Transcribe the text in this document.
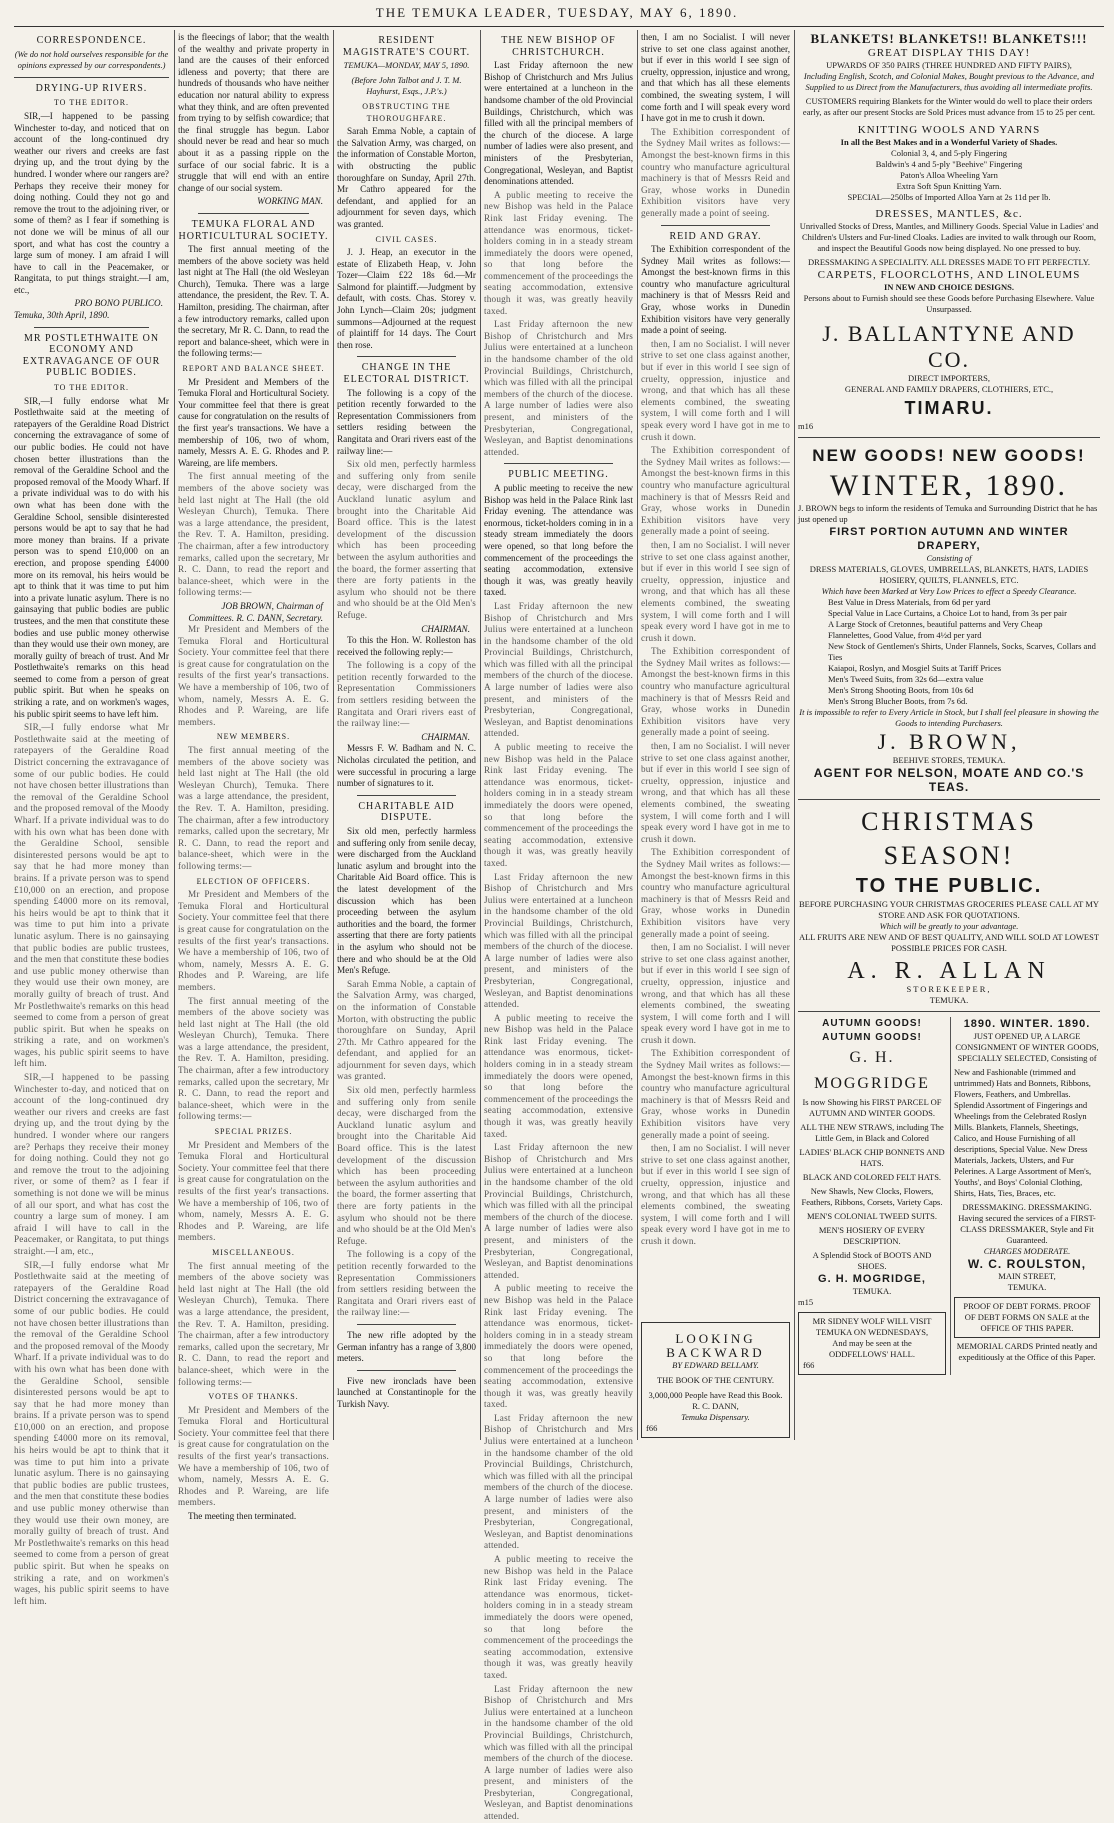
THE TEMUKA LEADER, TUESDAY, MAY 6, 1890.
CORRESPONDENCE.
(We do not hold ourselves responsible for the opinions expressed by our correspondents.)
DRYING-UP RIVERS.
TO THE EDITOR.

SIR,—I happened to be passing Winchester to-day, and noticed that on account of the long-continued dry weather our rivers and creeks are fast drying up, and the trout dying by the hundred. I wonder where our rangers are? Perhaps they receive their money for doing nothing. Could they not go and remove the trout to the adjoining river, or some of them? as I fear if something is not done we will be minus of all our sport, and what has cost the country a large sum of money. I am afraid I will have to call in the Peacemaker, or Rangitata, to put things straight.—I am, etc.,

PRO BONO PUBLICO.
Temuka, 30th April, 1890.
MR POSTLETHWAITE ON ECONOMY AND EXTRAVAGANCE OF OUR PUBLIC BODIES.
TO THE EDITOR.

SIR,—I fully endorse what Mr Postlethwaite said at the meeting of ratepayers of the Geraldine Road District concerning the extravagance of some of our public bodies. He could not have chosen better illustrations than the removal of the Geraldine School and the proposed removal of the Moody Wharf. If a private individual was to do with his own what has been done with the Geraldine School, sensible disinterested persons would be apt to say that he had more money than brains. If a private person was to spend £10,000 on an erection, and propose spending £4000 more on its removal, his heirs would be apt to think that it was time to put him into a private lunatic asylum. There is no gainsaying that public bodies are public trustees, and the men that constitute these bodies and use public money otherwise than they would use their own money, are morally guilty of breach of trust. And Mr Postlethwaite's remarks on this head seemed to come from a person of great public spirit. But when he speaks on striking a rate, and on workmen's wages, his public spirit seems to have left him.

SIR,—I fully endorse what Mr Postlethwaite said at the meeting of ratepayers of the Geraldine Road District concerning the extravagance of some of our public bodies. He could not have chosen better illustrations than the removal of the Geraldine School and the proposed removal of the Moody Wharf. If a private individual was to do with his own what has been done with the Geraldine School, sensible disinterested persons would be apt to say that he had more money than brains. If a private person was to spend £10,000 on an erection, and propose spending £4000 more on its removal, his heirs would be apt to think that it was time to put him into a private lunatic asylum. There is no gainsaying that public bodies are public trustees, and the men that constitute these bodies and use public money otherwise than they would use their own money, are morally guilty of breach of trust. And Mr Postlethwaite's remarks on this head seemed to come from a person of great public spirit. But when he speaks on striking a rate, and on workmen's wages, his public spirit seems to have left him.

SIR,—I happened to be passing Winchester to-day, and noticed that on account of the long-continued dry weather our rivers and creeks are fast drying up, and the trout dying by the hundred. I wonder where our rangers are? Perhaps they receive their money for doing nothing. Could they not go and remove the trout to the adjoining river, or some of them? as I fear if something is not done we will be minus of all our sport, and what has cost the country a large sum of money. I am afraid I will have to call in the Peacemaker, or Rangitata, to put things straight.—I am, etc.,

SIR,—I fully endorse what Mr Postlethwaite said at the meeting of ratepayers of the Geraldine Road District concerning the extravagance of some of our public bodies. He could not have chosen better illustrations than the removal of the Geraldine School and the proposed removal of the Moody Wharf. If a private individual was to do with his own what has been done with the Geraldine School, sensible disinterested persons would be apt to say that he had more money than brains. If a private person was to spend £10,000 on an erection, and propose spending £4000 more on its removal, his heirs would be apt to think that it was time to put him into a private lunatic asylum. There is no gainsaying that public bodies are public trustees, and the men that constitute these bodies and use public money otherwise than they would use their own money, are morally guilty of breach of trust. And Mr Postlethwaite's remarks on this head seemed to come from a person of great public spirit. But when he speaks on striking a rate, and on workmen's wages, his public spirit seems to have left him.

is the fleecings of labor; that the wealth of the wealthy and private property in land are the causes of their enforced idleness and poverty; that there are hundreds of thousands who have neither education nor natural ability to express what they think, and are often prevented from trying to by selfish cowardice; that the final struggle has begun. Labor should never be read and hear so much about it as a passing ripple on the surface of our social fabric. It is a struggle that will end with an entire change of our social system.

WORKING MAN.
TEMUKA FLORAL AND HORTICULTURAL SOCIETY.

The first annual meeting of the members of the above society was held last night at The Hall (the old Wesleyan Church), Temuka. There was a large attendance, the president, the Rev. T. A. Hamilton, presiding. The chairman, after a few introductory remarks, called upon the secretary, Mr R. C. Dann, to read the report and balance-sheet, which were in the following terms:—

REPORT AND BALANCE SHEET.

Mr President and Members of the Temuka Floral and Horticultural Society. Your committee feel that there is great cause for congratulation on the results of the first year's transactions. We have a membership of 106, two of whom, namely, Messrs A. E. G. Rhodes and P. Wareing, are life members.

The first annual meeting of the members of the above society was held last night at The Hall (the old Wesleyan Church), Temuka. There was a large attendance, the president, the Rev. T. A. Hamilton, presiding. The chairman, after a few introductory remarks, called upon the secretary, Mr R. C. Dann, to read the report and balance-sheet, which were in the following terms:—

JOB BROWN, Chairman of Committees. R. C. DANN, Secretary.

Mr President and Members of the Temuka Floral and Horticultural Society. Your committee feel that there is great cause for congratulation on the results of the first year's transactions. We have a membership of 106, two of whom, namely, Messrs A. E. G. Rhodes and P. Wareing, are life members.

NEW MEMBERS.

The first annual meeting of the members of the above society was held last night at The Hall (the old Wesleyan Church), Temuka. There was a large attendance, the president, the Rev. T. A. Hamilton, presiding. The chairman, after a few introductory remarks, called upon the secretary, Mr R. C. Dann, to read the report and balance-sheet, which were in the following terms:—

ELECTION OF OFFICERS.

Mr President and Members of the Temuka Floral and Horticultural Society. Your committee feel that there is great cause for congratulation on the results of the first year's transactions. We have a membership of 106, two of whom, namely, Messrs A. E. G. Rhodes and P. Wareing, are life members.

The first annual meeting of the members of the above society was held last night at The Hall (the old Wesleyan Church), Temuka. There was a large attendance, the president, the Rev. T. A. Hamilton, presiding. The chairman, after a few introductory remarks, called upon the secretary, Mr R. C. Dann, to read the report and balance-sheet, which were in the following terms:—

SPECIAL PRIZES.

Mr President and Members of the Temuka Floral and Horticultural Society. Your committee feel that there is great cause for congratulation on the results of the first year's transactions. We have a membership of 106, two of whom, namely, Messrs A. E. G. Rhodes and P. Wareing, are life members.

MISCELLANEOUS.

The first annual meeting of the members of the above society was held last night at The Hall (the old Wesleyan Church), Temuka. There was a large attendance, the president, the Rev. T. A. Hamilton, presiding. The chairman, after a few introductory remarks, called upon the secretary, Mr R. C. Dann, to read the report and balance-sheet, which were in the following terms:—

VOTES OF THANKS.

Mr President and Members of the Temuka Floral and Horticultural Society. Your committee feel that there is great cause for congratulation on the results of the first year's transactions. We have a membership of 106, two of whom, namely, Messrs A. E. G. Rhodes and P. Wareing, are life members.

The meeting then terminated.

RESIDENT MAGISTRATE'S COURT.
TEMUKA—MONDAY, MAY 5, 1890.
(Before John Talbot and J. T. M. Hayhurst, Esqs., J.P.'s.)
OBSTRUCTING THE THOROUGHFARE.

Sarah Emma Noble, a captain of the Salvation Army, was charged, on the information of Constable Morton, with obstructing the public thoroughfare on Sunday, April 27th. Mr Cathro appeared for the defendant, and applied for an adjournment for seven days, which was granted.

CIVIL CASES.

J. J. Heap, an executor in the estate of Elizabeth Heap, v. John Tozer—Claim £22 18s 6d.—Mr Salmond for plaintiff.—Judgment by default, with costs. Chas. Storey v. John Lynch—Claim 20s; judgment summons—Adjourned at the request of plaintiff for 14 days. The Court then rose.

CHANGE IN THE ELECTORAL DISTRICT.

The following is a copy of the petition recently forwarded to the Representation Commissioners from settlers residing between the Rangitata and Orari rivers east of the railway line:—

Six old men, perfectly harmless and suffering only from senile decay, were discharged from the Auckland lunatic asylum and brought into the Charitable Aid Board office. This is the latest development of the discussion which has been proceeding between the asylum authorities and the board, the former asserting that there are forty patients in the asylum who should not be there and who should be at the Old Men's Refuge.

CHAIRMAN.

To this the Hon. W. Rolleston has received the following reply:—

The following is a copy of the petition recently forwarded to the Representation Commissioners from settlers residing between the Rangitata and Orari rivers east of the railway line:—

CHAIRMAN.

Messrs F. W. Badham and N. C. Nicholas circulated the petition, and were successful in procuring a large number of signatures to it.

CHARITABLE AID DISPUTE.

Six old men, perfectly harmless and suffering only from senile decay, were discharged from the Auckland lunatic asylum and brought into the Charitable Aid Board office. This is the latest development of the discussion which has been proceeding between the asylum authorities and the board, the former asserting that there are forty patients in the asylum who should not be there and who should be at the Old Men's Refuge.

Sarah Emma Noble, a captain of the Salvation Army, was charged, on the information of Constable Morton, with obstructing the public thoroughfare on Sunday, April 27th. Mr Cathro appeared for the defendant, and applied for an adjournment for seven days, which was granted.

Six old men, perfectly harmless and suffering only from senile decay, were discharged from the Auckland lunatic asylum and brought into the Charitable Aid Board office. This is the latest development of the discussion which has been proceeding between the asylum authorities and the board, the former asserting that there are forty patients in the asylum who should not be there and who should be at the Old Men's Refuge.

The following is a copy of the petition recently forwarded to the Representation Commissioners from settlers residing between the Rangitata and Orari rivers east of the railway line:—

The new rifle adopted by the German infantry has a range of 3,800 meters.

Five new ironclads have been launched at Constantinople for the Turkish Navy.

THE NEW BISHOP OF CHRISTCHURCH.

Last Friday afternoon the new Bishop of Christchurch and Mrs Julius were entertained at a luncheon in the handsome chamber of the old Provincial Buildings, Christchurch, which was filled with all the principal members of the church of the diocese. A large number of ladies were also present, and ministers of the Presbyterian, Congregational, Wesleyan, and Baptist denominations attended.

A public meeting to receive the new Bishop was held in the Palace Rink last Friday evening. The attendance was enormous, ticket-holders coming in in a steady stream immediately the doors were opened, so that long before the commencement of the proceedings the seating accommodation, extensive though it was, was greatly heavily taxed.

Last Friday afternoon the new Bishop of Christchurch and Mrs Julius were entertained at a luncheon in the handsome chamber of the old Provincial Buildings, Christchurch, which was filled with all the principal members of the church of the diocese. A large number of ladies were also present, and ministers of the Presbyterian, Congregational, Wesleyan, and Baptist denominations attended.

PUBLIC MEETING.

A public meeting to receive the new Bishop was held in the Palace Rink last Friday evening. The attendance was enormous, ticket-holders coming in in a steady stream immediately the doors were opened, so that long before the commencement of the proceedings the seating accommodation, extensive though it was, was greatly heavily taxed.

Last Friday afternoon the new Bishop of Christchurch and Mrs Julius were entertained at a luncheon in the handsome chamber of the old Provincial Buildings, Christchurch, which was filled with all the principal members of the church of the diocese. A large number of ladies were also present, and ministers of the Presbyterian, Congregational, Wesleyan, and Baptist denominations attended.

A public meeting to receive the new Bishop was held in the Palace Rink last Friday evening. The attendance was enormous, ticket-holders coming in in a steady stream immediately the doors were opened, so that long before the commencement of the proceedings the seating accommodation, extensive though it was, was greatly heavily taxed.

Last Friday afternoon the new Bishop of Christchurch and Mrs Julius were entertained at a luncheon in the handsome chamber of the old Provincial Buildings, Christchurch, which was filled with all the principal members of the church of the diocese. A large number of ladies were also present, and ministers of the Presbyterian, Congregational, Wesleyan, and Baptist denominations attended.

A public meeting to receive the new Bishop was held in the Palace Rink last Friday evening. The attendance was enormous, ticket-holders coming in in a steady stream immediately the doors were opened, so that long before the commencement of the proceedings the seating accommodation, extensive though it was, was greatly heavily taxed.

Last Friday afternoon the new Bishop of Christchurch and Mrs Julius were entertained at a luncheon in the handsome chamber of the old Provincial Buildings, Christchurch, which was filled with all the principal members of the church of the diocese. A large number of ladies were also present, and ministers of the Presbyterian, Congregational, Wesleyan, and Baptist denominations attended.

A public meeting to receive the new Bishop was held in the Palace Rink last Friday evening. The attendance was enormous, ticket-holders coming in in a steady stream immediately the doors were opened, so that long before the commencement of the proceedings the seating accommodation, extensive though it was, was greatly heavily taxed.

Last Friday afternoon the new Bishop of Christchurch and Mrs Julius were entertained at a luncheon in the handsome chamber of the old Provincial Buildings, Christchurch, which was filled with all the principal members of the church of the diocese. A large number of ladies were also present, and ministers of the Presbyterian, Congregational, Wesleyan, and Baptist denominations attended.

A public meeting to receive the new Bishop was held in the Palace Rink last Friday evening. The attendance was enormous, ticket-holders coming in in a steady stream immediately the doors were opened, so that long before the commencement of the proceedings the seating accommodation, extensive though it was, was greatly heavily taxed.

Last Friday afternoon the new Bishop of Christchurch and Mrs Julius were entertained at a luncheon in the handsome chamber of the old Provincial Buildings, Christchurch, which was filled with all the principal members of the church of the diocese. A large number of ladies were also present, and ministers of the Presbyterian, Congregational, Wesleyan, and Baptist denominations attended.

then, I am no Socialist. I will never strive to set one class against another, but if ever in this world I see sign of cruelty, oppression, injustice and wrong, and that which has all these elements combined, the sweating system, I will come forth and I will speak every word I have got in me to crush it down.

The Exhibition correspondent of the Sydney Mail writes as follows:—Amongst the best-known firms in this country who manufacture agricultural machinery is that of Messrs Reid and Gray, whose works in Dunedin Exhibition visitors have very generally made a point of seeing.

REID AND GRAY.

The Exhibition correspondent of the Sydney Mail writes as follows:—Amongst the best-known firms in this country who manufacture agricultural machinery is that of Messrs Reid and Gray, whose works in Dunedin Exhibition visitors have very generally made a point of seeing.

then, I am no Socialist. I will never strive to set one class against another, but if ever in this world I see sign of cruelty, oppression, injustice and wrong, and that which has all these elements combined, the sweating system, I will come forth and I will speak every word I have got in me to crush it down.

The Exhibition correspondent of the Sydney Mail writes as follows:—Amongst the best-known firms in this country who manufacture agricultural machinery is that of Messrs Reid and Gray, whose works in Dunedin Exhibition visitors have very generally made a point of seeing.

then, I am no Socialist. I will never strive to set one class against another, but if ever in this world I see sign of cruelty, oppression, injustice and wrong, and that which has all these elements combined, the sweating system, I will come forth and I will speak every word I have got in me to crush it down.

The Exhibition correspondent of the Sydney Mail writes as follows:—Amongst the best-known firms in this country who manufacture agricultural machinery is that of Messrs Reid and Gray, whose works in Dunedin Exhibition visitors have very generally made a point of seeing.

then, I am no Socialist. I will never strive to set one class against another, but if ever in this world I see sign of cruelty, oppression, injustice and wrong, and that which has all these elements combined, the sweating system, I will come forth and I will speak every word I have got in me to crush it down.

The Exhibition correspondent of the Sydney Mail writes as follows:—Amongst the best-known firms in this country who manufacture agricultural machinery is that of Messrs Reid and Gray, whose works in Dunedin Exhibition visitors have very generally made a point of seeing.

then, I am no Socialist. I will never strive to set one class against another, but if ever in this world I see sign of cruelty, oppression, injustice and wrong, and that which has all these elements combined, the sweating system, I will come forth and I will speak every word I have got in me to crush it down.

The Exhibition correspondent of the Sydney Mail writes as follows:—Amongst the best-known firms in this country who manufacture agricultural machinery is that of Messrs Reid and Gray, whose works in Dunedin Exhibition visitors have very generally made a point of seeing.

then, I am no Socialist. I will never strive to set one class against another, but if ever in this world I see sign of cruelty, oppression, injustice and wrong, and that which has all these elements combined, the sweating system, I will come forth and I will speak every word I have got in me to crush it down.

LOOKING BACKWARD
BY EDWARD BELLAMY.
THE BOOK OF THE CENTURY.
3,000,000 People have Read this Book.
R. C. DANN,
Temuka Dispensary.
f66
BLANKETS! BLANKETS!! BLANKETS!!!
GREAT DISPLAY THIS DAY!
UPWARDS OF 350 PAIRS (THREE HUNDRED AND FIFTY PAIRS),
Including English, Scotch, and Colonial Makes, Bought previous to the Advance, and Supplied to us Direct from the Manufacturers, thus avoiding all intermediate profits.
CUSTOMERS requiring Blankets for the Winter would do well to place their orders early, as after our present Stocks are Sold Prices must advance from 15 to 25 per cent.
KNITTING WOOLS AND YARNS
In all the Best Makes and in a Wonderful Variety of Shades.
Colonial 3, 4, and 5-ply Fingering
Baldwin's 4 and 5-ply "Beehive" Fingering
Paton's Alloa Wheeling Yarn
Extra Soft Spun Knitting Yarn.
SPECIAL—250lbs of Imported Alloa Yarn at 2s 11d per lb.
DRESSES, MANTLES, &c.
Unrivalled Stocks of Dress, Mantles, and Millinery Goods. Special Value in Ladies' and Children's Ulsters and Fur-lined Cloaks. Ladies are invited to walk through our Room, and inspect the Beautiful Goods now being displayed. No one pressed to buy.
DRESSMAKING A SPECIALITY. ALL DRESSES MADE TO FIT PERFECTLY.
CARPETS, FLOORCLOTHS, AND LINOLEUMS
IN NEW AND CHOICE DESIGNS.
Persons about to Furnish should see these Goods before Purchasing Elsewhere. Value Unsurpassed.
J. BALLANTYNE AND CO.
DIRECT IMPORTERS,
GENERAL AND FAMILY DRAPERS, CLOTHIERS, ETC.,
TIMARU.
m16
NEW GOODS! NEW GOODS!
WINTER, 1890.
J. BROWN begs to inform the residents of Temuka and Surrounding District that he has just opened up
FIRST PORTION AUTUMN AND WINTER DRAPERY,
Consisting of
DRESS MATERIALS, GLOVES, UMBRELLAS, BLANKETS, HATS, LADIES HOSIERY, QUILTS, FLANNELS, ETC.
Which have been Marked at Very Low Prices to effect a Speedy Clearance.
Best Value in Dress Materials, from 6d per yard
Special Value in Lace Curtains, a Choice Lot to hand, from 3s per pair
A Large Stock of Cretonnes, beautiful patterns and Very Cheap
Flannelettes, Good Value, from 4½d per yard
New Stock of Gentlemen's Shirts, Under Flannels, Socks, Scarves, Collars and Ties
Kaiapoi, Roslyn, and Mosgiel Suits at Tariff Prices
Men's Tweed Suits, from 32s 6d—extra value
Men's Strong Shooting Boots, from 10s 6d
Men's Strong Blucher Boots, from 7s 6d.
It is impossible to refer to Every Article in Stock, but I shall feel pleasure in showing the Goods to intending Purchasers.
J. BROWN,
BEEHIVE STORES, TEMUKA.
AGENT FOR NELSON, MOATE AND CO.'S TEAS.
CHRISTMAS SEASON!
TO THE PUBLIC.
BEFORE PURCHASING YOUR CHRISTMAS GROCERIES PLEASE CALL AT MY STORE AND ASK FOR QUOTATIONS.
Which will be greatly to your advantage.
ALL FRUITS ARE NEW AND OF BEST QUALITY, AND WILL SOLD AT LOWEST POSSIBLE PRICES FOR CASH.
A. R. ALLAN
STOREKEEPER,
TEMUKA.
AUTUMN GOODS! AUTUMN GOODS!
G. H. MOGGRIDGE
Is now Showing his FIRST PARCEL OF AUTUMN AND WINTER GOODS.
ALL THE NEW STRAWS, including The Little Gem, in Black and Colored
LADIES' BLACK CHIP BONNETS AND HATS.
BLACK AND COLORED FELT HATS.
New Shawls, New Clocks, Flowers, Feathers, Ribbons, Corsets, Variety Caps.
MEN'S COLONIAL TWEED SUITS.
MEN'S HOSIERY OF EVERY DESCRIPTION.
A Splendid Stock of BOOTS AND SHOES.
G. H. MOGRIDGE,
TEMUKA.
m15
MR SIDNEY WOLF WILL VISIT TEMUKA ON WEDNESDAYS,
And may be seen at the ODDFELLOWS' HALL.
f66
1890. WINTER. 1890.
JUST OPENED UP, A LARGE CONSIGNMENT OF WINTER GOODS, SPECIALLY SELECTED, Consisting of
New and Fashionable (trimmed and untrimmed) Hats and Bonnets, Ribbons, Flowers, Feathers, and Umbrellas. Splendid Assortment of Fingerings and Wheelings from the Celebrated Roslyn Mills. Blankets, Flannels, Sheetings, Calico, and House Furnishing of all descriptions, Special Value. New Dress Materials, Jackets, Ulsters, and Fur Pelerines. A Large Assortment of Men's, Youths', and Boys' Colonial Clothing, Shirts, Hats, Ties, Braces, etc.
DRESSMAKING. DRESSMAKING.
Having secured the services of a FIRST-CLASS DRESSMAKER, Style and Fit Guaranteed.
CHARGES MODERATE.
W. C. ROULSTON,
MAIN STREET,
TEMUKA.
PROOF OF DEBT FORMS. PROOF OF DEBT FORMS ON SALE at the OFFICE OF THIS PAPER.
MEMORIAL CARDS Printed neatly and expeditiously at the Office of this Paper.
